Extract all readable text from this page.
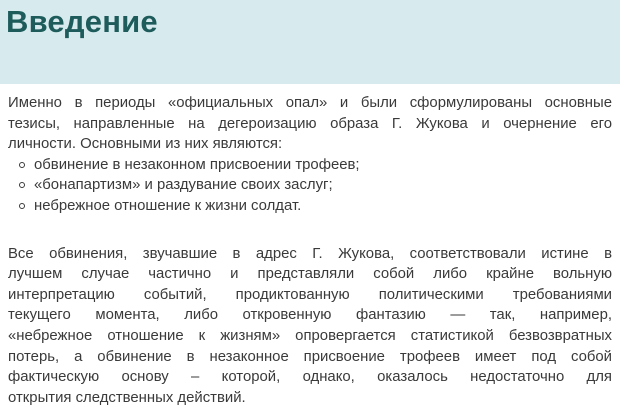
Введение
Именно в периоды «официальных опал» и были сформулированы основные
тезисы, направленные на дегероизацию образа Г. Жукова и очернение его
личности. Основными из них являются:
обвинение в незаконном присвоении трофеев;
«бонапартизм» и раздувание своих заслуг;
небрежное отношение к жизни солдат.
Все обвинения, звучавшие в адрес Г. Жукова, соответствовали истине в
лучшем случае частично и представляли собой либо крайне вольную
интерпретацию событий, продиктованную политическими требованиями
текущего момента, либо откровенную фантазию — так, например,
«небрежное отношение к жизням» опровергается статистикой безвозвратных
потерь, а обвинение в незаконное присвоение трофеев имеет под собой
фактическую основу – которой, однако, оказалось недостаточно для
открытия следственных действий.
